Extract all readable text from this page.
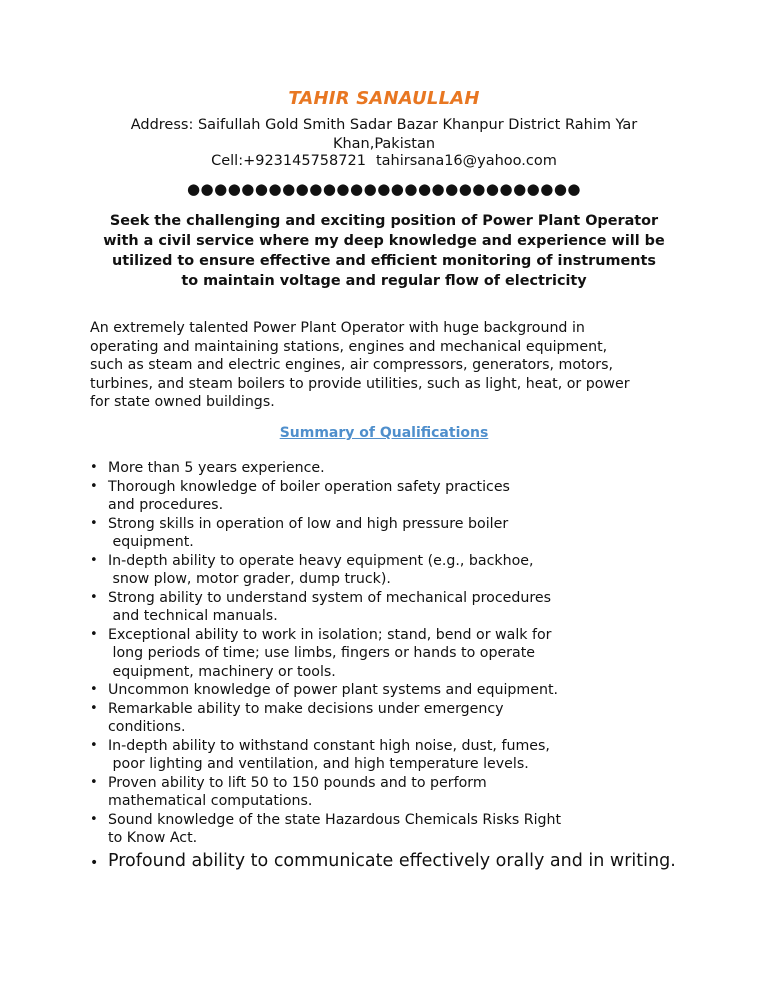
TAHIR SANAULLAH
Address: Saifullah Gold Smith Sadar Bazar Khanpur District Rahim Yar
Khan,Pakistan
Cell:+923145758721 tahirsana16@yahoo.com
●●●●●●●●●●●●●●●●●●●●●●●●●●●●●
Seek the challenging and exciting position of Power Plant Operator
with a civil service where my deep knowledge and experience will be
utilized to ensure effective and efficient monitoring of instruments
to maintain voltage and regular flow of electricity
An extremely talented Power Plant Operator with huge background in
operating and maintaining stations, engines and mechanical equipment,
such as steam and electric engines, air compressors, generators, motors,
turbines, and steam boilers to provide utilities, such as light, heat, or power
for state owned buildings.
Summary of Qualifications
• More than 5 years experience.
• Thorough knowledge of boiler operation safety practices
and procedures.
• Strong skills in operation of low and high pressure boiler
equipment.
• In-depth ability to operate heavy equipment (e.g., backhoe,
snow plow, motor grader, dump truck).
• Strong ability to understand system of mechanical procedures
and technical manuals.
• Exceptional ability to work in isolation; stand, bend or walk for
long periods of time; use limbs, fingers or hands to operate
equipment, machinery or tools.
• Uncommon knowledge of power plant systems and equipment.
• Remarkable ability to make decisions under emergency
conditions.
• In-depth ability to withstand constant high noise, dust, fumes,
poor lighting and ventilation, and high temperature levels.
• Proven ability to lift 50 to 150 pounds and to perform
mathematical computations.
• Sound knowledge of the state Hazardous Chemicals Risks Right
to Know Act.
• Profound ability to communicate effectively orally and in writing.
